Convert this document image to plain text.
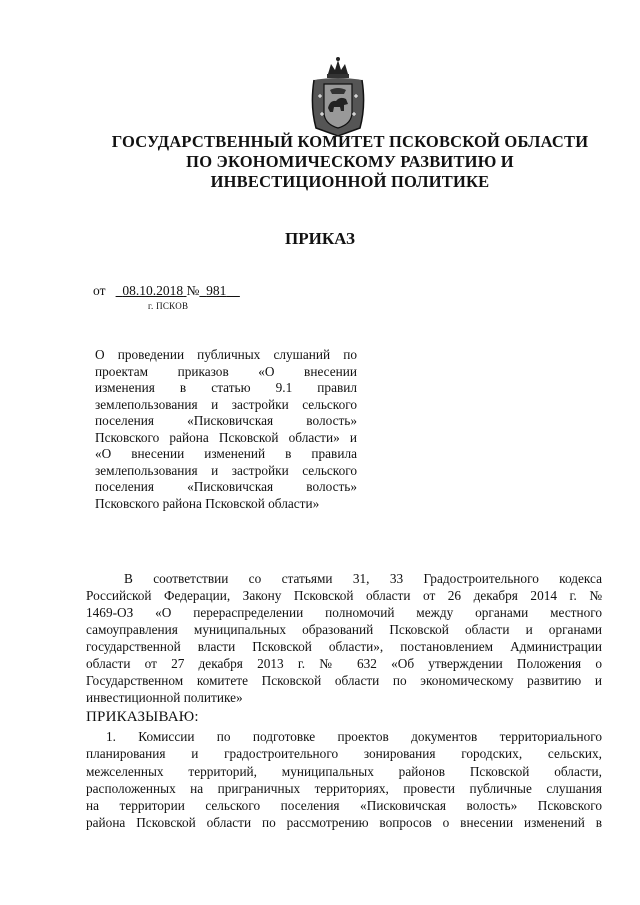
ГОСУДАРСТВЕННЫЙ КОМИТЕТ ПСКОВСКОЙ ОБЛАСТИ
ПО ЭКОНОМИЧЕСКОМУ РАЗВИТИЮ И
ИНВЕСТИЦИОННОЙ ПОЛИТИКЕ
ПРИКАЗ
от 08.10.2018 № 981
г. ПСКОВ
О проведении публичных слушаний по
проектам приказов «О внесении
изменения в статью 9.1 правил
землепользования и застройки сельского
поселения «Писковичская волость»
Псковского района Псковской области» и
«О внесении изменений в правила
землепользования и застройки сельского
поселения «Писковичская волость»
Псковского района Псковской области»
В соответствии со статьями 31, 33 Градостроительного кодекса
Российской Федерации, Закону Псковской области от 26 декабря 2014 г. №
1469-ОЗ «О перераспределении полномочий между органами местного
самоуправления муниципальных образований Псковской области и органами
государственной власти Псковской области», постановлением Администрации
области от 27 декабря 2013 г. № 632 «Об утверждении Положения о
Государственном комитете Псковской области по экономическому развитию и
инвестиционной политике»
ПРИКАЗЫВАЮ:
1. Комиссии по подготовке проектов документов территориального
планирования и градостроительного зонирования городских, сельских,
межселенных территорий, муниципальных районов Псковской области,
расположенных на приграничных территориях, провести публичные слушания
на территории сельского поселения «Писковичская волость» Псковского
района Псковской области по рассмотрению вопросов о внесении изменений в
